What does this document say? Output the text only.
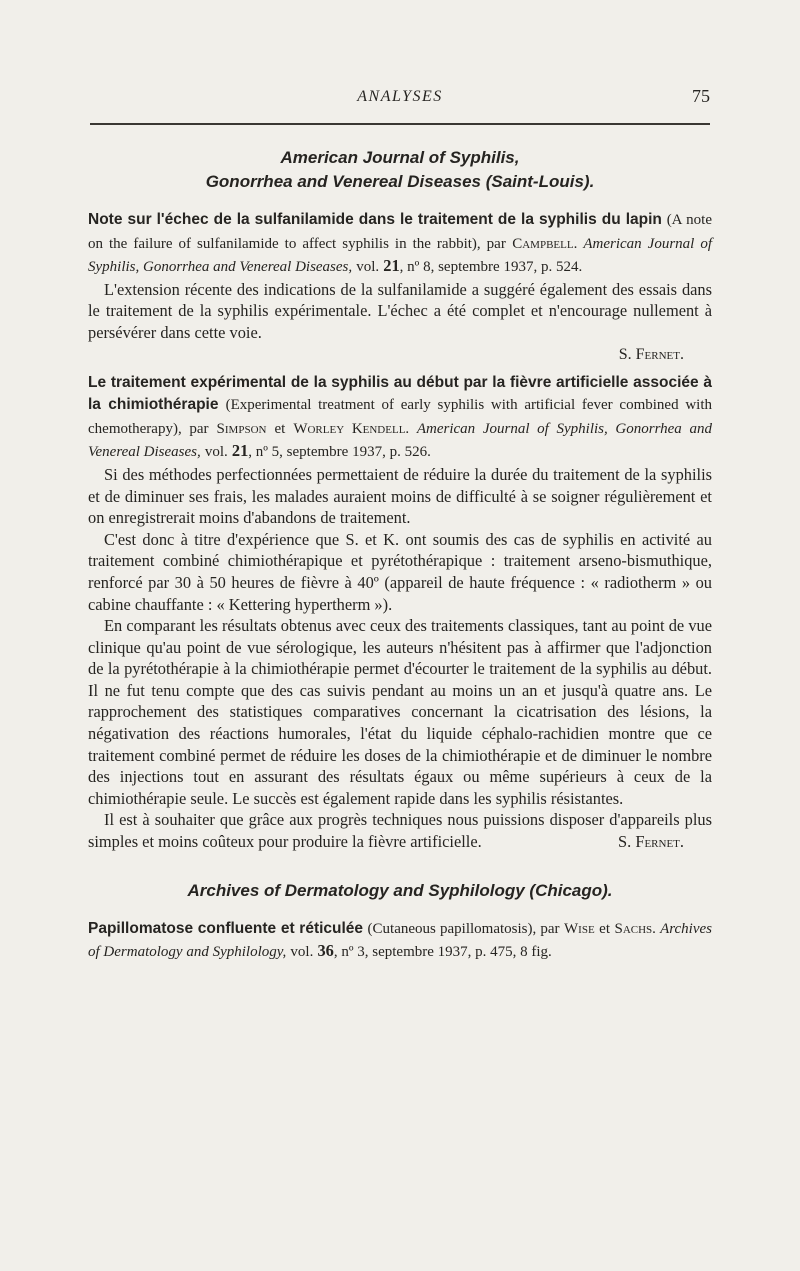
ANALYSES	75
American Journal of Syphilis,
Gonorrhea and Venereal Diseases (Saint-Louis).

Note sur l'échec de la sulfanilamide dans le traitement de la syphilis du lapin (A note on the failure of sulfanilamide to affect syphilis in the rabbit), par Campbell. American Journal of Syphilis, Gonorrhea and Venereal Diseases, vol. 21, nº 8, septembre 1937, p. 524.

L'extension récente des indications de la sulfanilamide a suggéré également des essais dans le traitement de la syphilis expérimentale. L'échec a été complet et n'encourage nullement à persévérer dans cette voie.

S. Fernet.

Le traitement expérimental de la syphilis au début par la fièvre artificielle associée à la chimiothérapie (Experimental treatment of early syphilis with artificial fever combined with chemotherapy), par Simpson et Worley Kendell. American Journal of Syphilis, Gonorrhea and Venereal Diseases, vol. 21, nº 5, septembre 1937, p. 526.

Si des méthodes perfectionnées permettaient de réduire la durée du traitement de la syphilis et de diminuer ses frais, les malades auraient moins de difficulté à se soigner régulièrement et on enregistrerait moins d'abandons de traitement.

C'est donc à titre d'expérience que S. et K. ont soumis des cas de syphilis en activité au traitement combiné chimiothérapique et pyrétothérapique : traitement arseno-bismuthique, renforcé par 30 à 50 heures de fièvre à 40º (appareil de haute fréquence : « radiotherm » ou cabine chauffante : « Kettering hypertherm »).

En comparant les résultats obtenus avec ceux des traitements classiques, tant au point de vue clinique qu'au point de vue sérologique, les auteurs n'hésitent pas à affirmer que l'adjonction de la pyrétothérapie à la chimiothérapie permet d'écourter le traitement de la syphilis au début. Il ne fut tenu compte que des cas suivis pendant au moins un an et jusqu'à quatre ans. Le rapprochement des statistiques comparatives concernant la cicatrisation des lésions, la négativation des réactions humorales, l'état du liquide céphalo-rachidien montre que ce traitement combiné permet de réduire les doses de la chimiothérapie et de diminuer le nombre des injections tout en assurant des résultats égaux ou même supérieurs à ceux de la chimiothérapie seule. Le succès est également rapide dans les syphilis résistantes.

Il est à souhaiter que grâce aux progrès techniques nous puissions disposer d'appareils plus simples et moins coûteux pour produire la fièvre artificielle.	S. Fernet.

Archives of Dermatology and Syphilology (Chicago).

Papillomatose confluente et réticulée (Cutaneous papillomatosis), par Wise et Sachs. Archives of Dermatology and Syphilology, vol. 36, nº 3, septembre 1937, p. 475, 8 fig.
